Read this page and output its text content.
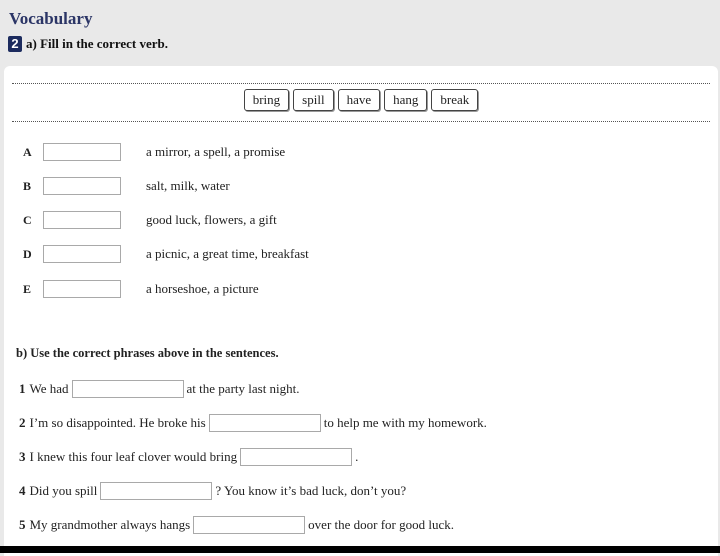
Vocabulary
2 a) Fill in the correct verb.
bring	spill	have	hang	break
A	a mirror, a spell, a promise
B	salt, milk, water
C	good luck, flowers, a gift
D	a picnic, a great time, breakfast
E	a horseshoe, a picture
b) Use the correct phrases above in the sentences.
1 We had	at the party last night.
2 I’m so disappointed. He broke his	to help me with my homework.
3 I knew this four leaf clover would bring	.
4 Did you spill	? You know it’s bad luck, don’t you?
5 My grandmother always hangs	over the door for good luck.
